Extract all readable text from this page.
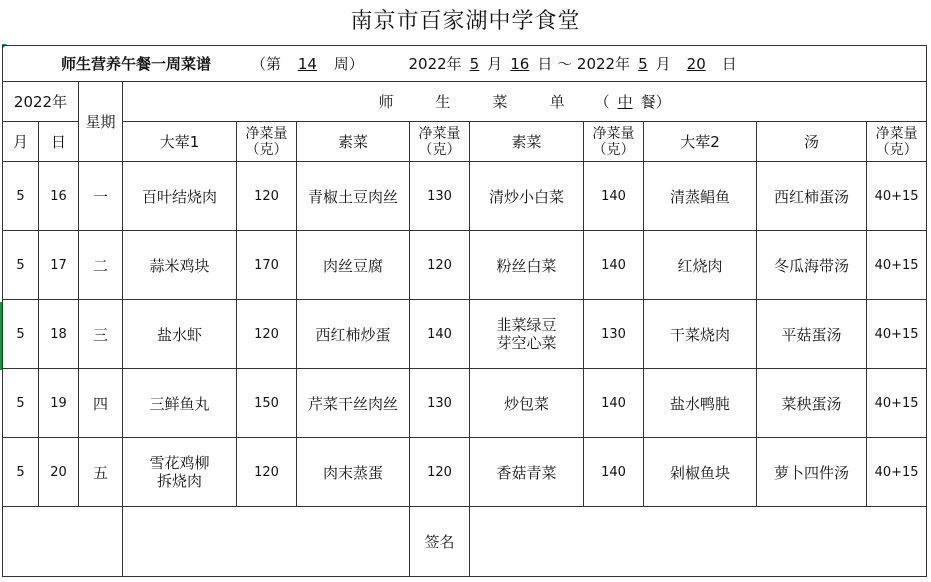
南京市百家湖中学食堂
师生营养午餐一周菜谱 （第 14 周） 2022年 5 月 16 日 ～ 2022年 5 月 20 日											
2022年		星期	师 生 菜 单 （ 中 餐）								
月	日		大荤1	净菜量（克）	素菜	净菜量（克）	素菜	净菜量（克）	大荤2	汤	净菜量（克）
5	16	一	百叶结烧肉	120	青椒土豆肉丝	130	清炒小白菜	140	清蒸鲳鱼	西红柿蛋汤	40+15
5	17	二	蒜米鸡块	170	肉丝豆腐	120	粉丝白菜	140	红烧肉	冬瓜海带汤	40+15
5	18	三	盐水虾	120	西红柿炒蛋	140	韭菜绿豆芽空心菜	130	干菜烧肉	平菇蛋汤	40+15
5	19	四	三鲜鱼丸	150	芹菜干丝肉丝	130	炒包菜	140	盐水鸭肫	菜秧蛋汤	40+15
5	20	五	雪花鸡柳拆烧肉	120	肉末蒸蛋	120	香菇青菜	140	剁椒鱼块	萝卜四件汤	40+15
						签名					
